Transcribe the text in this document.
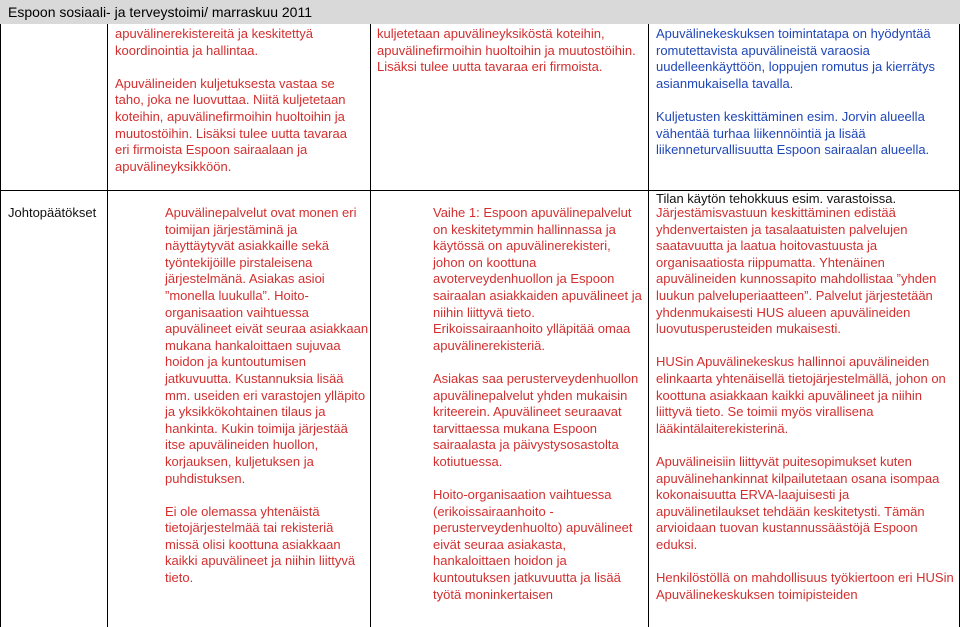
Espoon sosiaali- ja terveystoimi/ marraskuu 2011

apuvälinerekistereitä ja keskitettyä koordinointia ja hallintaa.

Apuvälineiden kuljetuksesta vastaa se taho, joka ne luovuttaa. Niitä kuljetetaan koteihin, apuvälinefirmoihin huoltoihin ja muutostöihin. Lisäksi tulee uutta tavaraa eri firmoista Espoon sairaalaan ja apuvälineyksikköön.

kuljetetaan apuvälineyksiköstä koteihin, apuvälinefirmoihin huoltoihin ja muutostöihin. Lisäksi tulee uutta tavaraa eri firmoista.

Apuvälinekeskuksen toimintatapa on hyödyntää romutettavista apuvälineistä varaosia uudelleenkäyttöön, loppujen romutus ja kierrätys asianmukaisella tavalla.

Kuljetusten keskittäminen esim. Jorvin alueella vähentää turhaa liikennöintiä ja lisää liikenneturvallisuutta Espoon sairaalan alueella.

Tilan käytön tehokkuus esim. varastoissa.

Johtopäätökset	Apuvälinepalvelut ovat monen eri toimijan järjestäminä ja näyttäytyvät asiakkaille sekä työntekijöille pirstaleisena järjestelmänä. Asiakas asioi ”monella luukulla”. Hoito-organisaation vaihtuessa apuvälineet eivät seuraa asiakkaan mukana hankaloittaen sujuvaa hoidon ja kuntoutumisen jatkuvuutta. Kustannuksia lisää mm. useiden eri varastojen ylläpito ja yksikkökohtainen tilaus ja hankinta. Kukin toimija järjestää itse apuvälineiden huollon, korjauksen, kuljetuksen ja puhdistuksen.

Ei ole olemassa yhtenäistä tietojärjestelmää tai rekisteriä missä olisi koottuna asiakkaan kaikki apuvälineet ja niihin liittyvä tieto.

Vaihe 1: Espoon apuvälinepalvelut on keskitetymmin hallinnassa ja käytössä on apuvälinerekisteri, johon on koottuna avoterveydenhuollon ja Espoon sairaalan asiakkaiden apuvälineet ja niihin liittyvä tieto. Erikoissairaanhoito ylläpitää omaa apuvälinerekisteriä.

Asiakas saa perusterveydenhuollon apuvälinepalvelut yhden mukaisin kriteerein. Apuvälineet seuraavat tarvittaessa mukana Espoon sairaalasta ja päivystysosastolta kotiutuessa.

Hoito-organisaation vaihtuessa (erikoissairaanhoito - perusterveydenhuolto) apuvälineet eivät seuraa asiakasta, hankaloittaen hoidon ja kuntoutuksen jatkuvuutta ja lisää työtä moninkertaisen

Järjestämisvastuun keskittäminen edistää yhdenvertaisten ja tasalaatuisten palvelujen saatavuutta ja laatua hoitovastuusta ja organisaatiosta riippumatta. Yhtenäinen apuvälineiden kunnossapito mahdollistaa ”yhden luukun palveluperiaatteen”. Palvelut järjestetään yhdenmukaisesti HUS alueen apuvälineiden luovutusperusteiden mukaisesti.

HUSin Apuvälinekeskus hallinnoi apuvälineiden elinkaarta yhtenäisellä tietojärjestelmällä, johon on koottuna asiakkaan kaikki apuvälineet ja niihin liittyvä tieto. Se toimii myös virallisena lääkintälaiterekisterinä.

Apuvälineisiin liittyvät puitesopimukset kuten apuvälinehankinnat kilpailutetaan osana isompaa kokonaisuutta ERVA-laajuisesti ja apuvälinetilaukset tehdään keskitetysti. Tämän arvioidaan tuovan kustannussäästöjä Espoon eduksi.

Henkilöstöllä on mahdollisuus työkiertoon eri HUSin Apuvälinekeskuksen toimipisteiden
